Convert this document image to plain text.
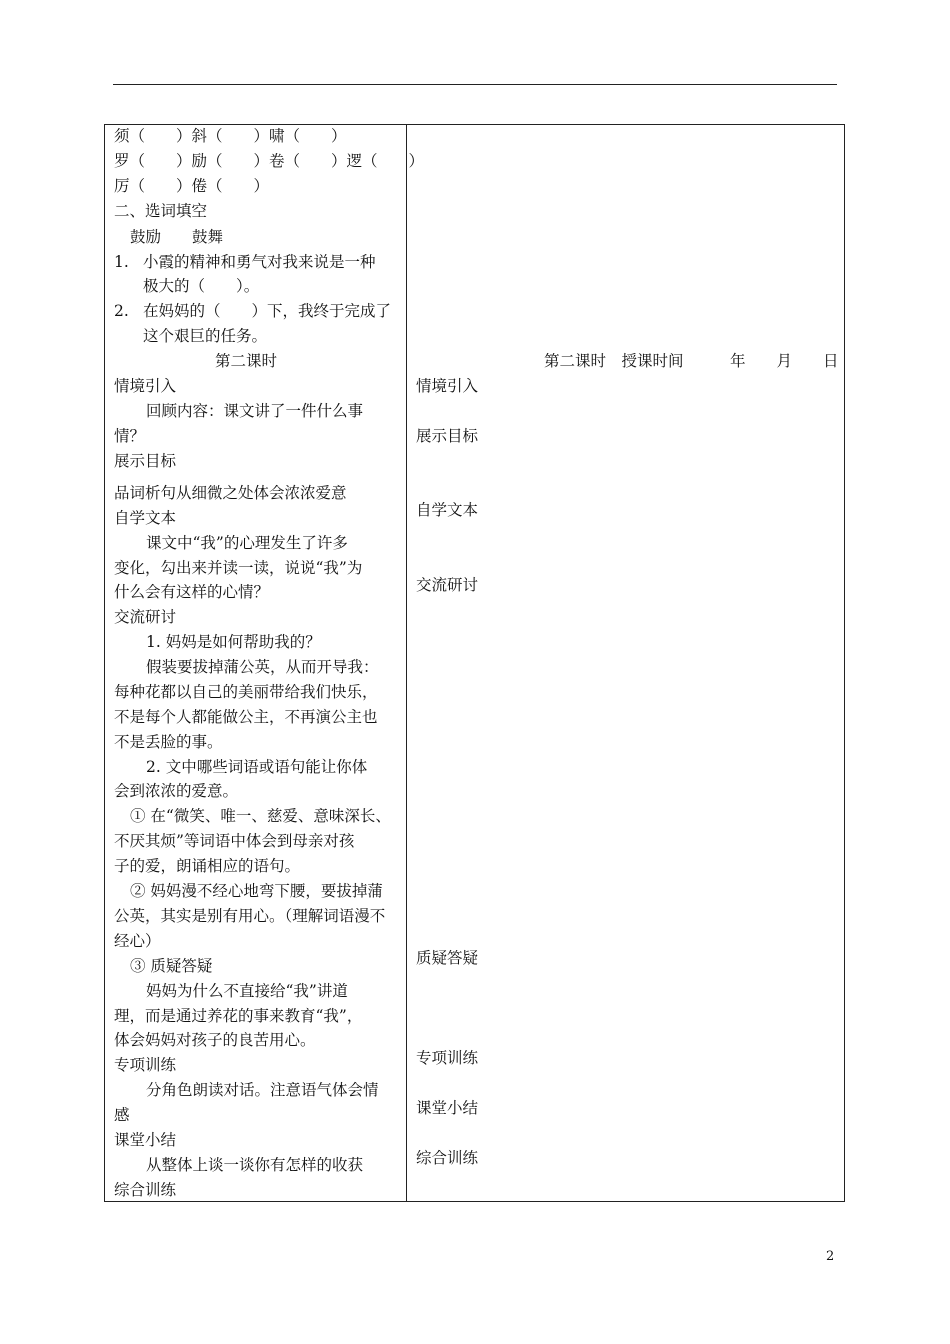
须（　　）斜（　　）啸（　　）
罗（　　）励（　　）卷（　　）逻（　　）
厉（　　）倦（　　）
二、选词填空
鼓励　　鼓舞
1. 小霞的精神和勇气对我来说是一种
极大的（　　）。
2. 在妈妈的（　　）下，我终于完成了
这个艰巨的任务。
第二课时
情境引入
回顾内容：课文讲了一件什么事
情？
展示目标
品词析句从细微之处体会浓浓爱意
自学文本
课文中“我”的心理发生了许多
变化，勾出来并读一读，说说“我”为
什么会有这样的心情？
交流研讨
1. 妈妈是如何帮助我的？
假装要拔掉蒲公英，从而开导我：
每种花都以自己的美丽带给我们快乐，
不是每个人都能做公主，不再演公主也
不是丢脸的事。
2. 文中哪些词语或语句能让你体
会到浓浓的爱意。
① 在“微笑、唯一、慈爱、意味深长、
不厌其烦”等词语中体会到母亲对孩
子的爱，朗诵相应的语句。
② 妈妈漫不经心地弯下腰，要拔掉蒲
公英，其实是别有用心。（理解词语漫不
经心）
③ 质疑答疑
妈妈为什么不直接给“我”讲道
理，而是通过养花的事来教育“我”，
体会妈妈对孩子的良苦用心。
专项训练
分角色朗读对话。注意语气体会情
感
课堂小结
从整体上谈一谈你有怎样的收获
综合训练
第二课时　授课时间　　　年　　月　　日
情境引入
展示目标
自学文本
交流研讨
质疑答疑
专项训练
课堂小结
综合训练
2
